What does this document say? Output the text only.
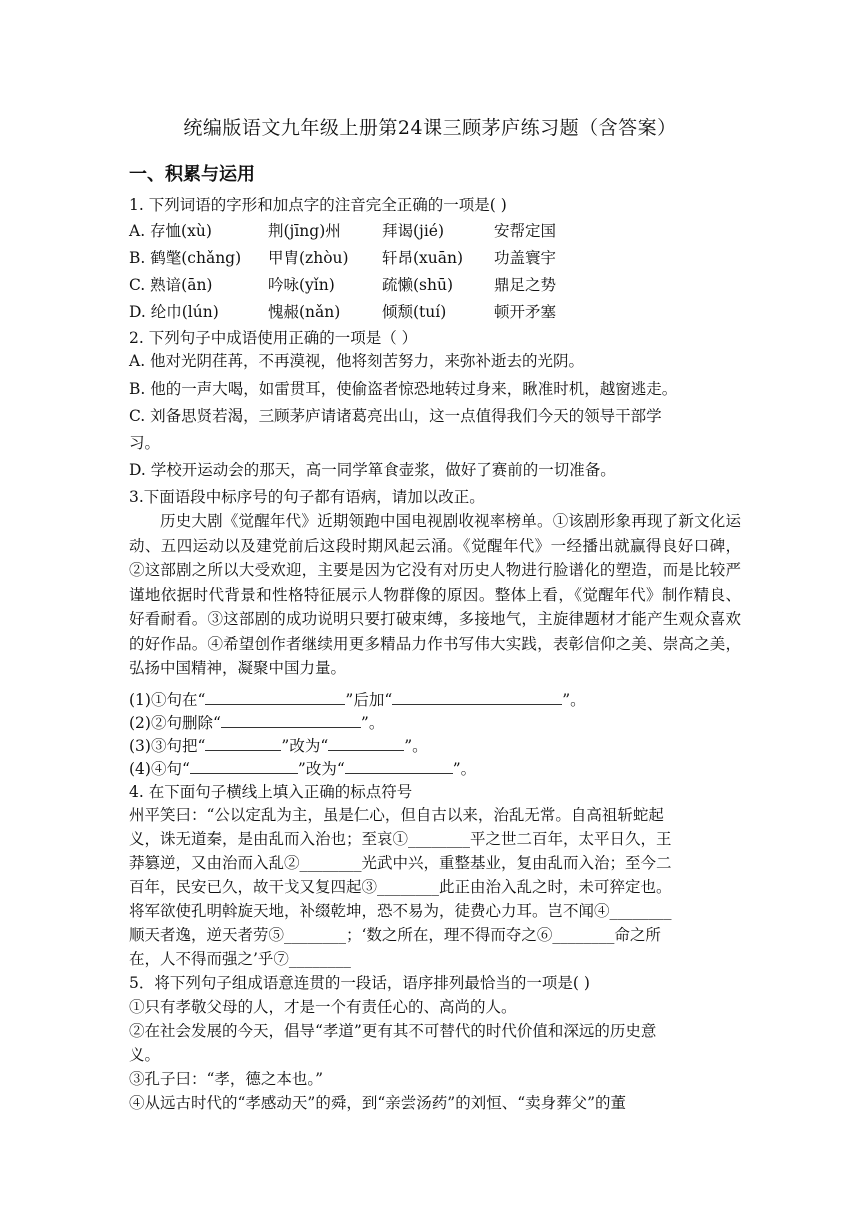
统编版语文九年级上册第24课三顾茅庐练习题（含答案）
一、积累与运用
1. 下列词语的字形和加点字的注音完全正确的一项是( )
A. 存恤(xù)	荆(jīng)州	拜谒(jié)	安帮定国
B. 鹤氅(chǎng) 甲胄(zhòu) 轩昂(xuān) 功盖寰宇
C. 熟谙(ān)	吟咏(yǐn)	疏懒(shū)	鼎足之势
D. 纶巾(lún)	愧赧(nǎn)	倾颓(tuí)	顿开矛塞
2. 下列句子中成语使用正确的一项是（ ）
A. 他对光阴荏苒，不再漠视，他将刻苦努力，来弥补逝去的光阴。
B. 他的一声大喝，如雷贯耳，使偷盗者惊恐地转过身来，瞅准时机，越窗逃走。
C. 刘备思贤若渴，三顾茅庐请诸葛亮出山，这一点值得我们今天的领导干部学
习。
D. 学校开运动会的那天，高一同学箪食壶浆，做好了赛前的一切准备。
3.下面语段中标序号的句子都有语病，请加以改正。
历史大剧《觉醒年代》近期领跑中国电视剧收视率榜单。①该剧形象再现了新文化运动、五四运动以及建党前后这段时期风起云涌。《觉醒年代》一经播出就赢得良好口碑，②这部剧之所以大受欢迎，主要是因为它没有对历史人物进行脸谱化的塑造，而是比较严谨地依据时代背景和性格特征展示人物群像的原因。整体上看，《觉醒年代》制作精良、好看耐看。③这部剧的成功说明只要打破束缚，多接地气，主旋律题材才能产生观众喜欢的好作品。④希望创作者继续用更多精品力作书写伟大实践，表彰信仰之美、崇高之美，弘扬中国精神，凝聚中国力量。
(1)①句在“	”后加“	”。
(2)②句删除“	”。
(3)③句把“	”改为“	”。
(4)④句“	”改为“	”。
4. 在下面句子横线上填入正确的标点符号
州平笑曰：“公以定乱为主，虽是仁心，但自古以来，治乱无常。自高祖斩蛇起
义，诛无道秦，是由乱而入治也；至哀①________平之世二百年，太平日久，王
莽篡逆，又由治而入乱②________光武中兴，重整基业，复由乱而入治；至今二
百年，民安已久，故干戈又复四起③________此正由治入乱之时，未可猝定也。
将军欲使孔明斡旋天地，补缀乾坤，恐不易为，徒费心力耳。岂不闻④________
顺天者逸，逆天者劳⑤________；‘数之所在，理不得而夺之⑥________命之所
在，人不得而强之’乎⑦________
5．将下列句子组成语意连贯的一段话，语序排列最恰当的一项是( )
①只有孝敬父母的人，才是一个有责任心的、高尚的人。
②在社会发展的今天，倡导“孝道”更有其不可替代的时代价值和深远的历史意
义。
③孔子曰：“孝，德之本也。”
④从远古时代的“孝感动天”的舜，到“亲尝汤药”的刘恒、“卖身葬父”的董
